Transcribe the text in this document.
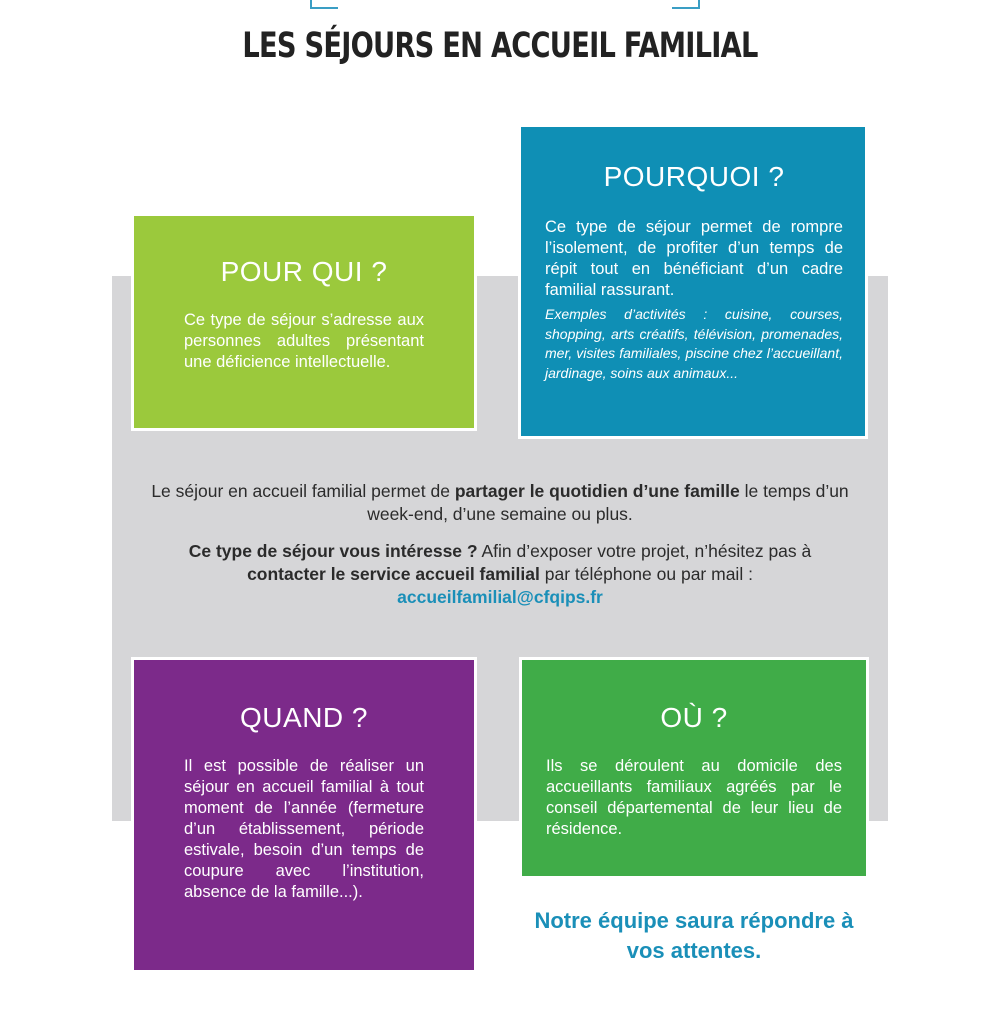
LES SÉJOURS EN ACCUEIL FAMILIAL
POUR QUI ?

Ce type de séjour s’adresse aux personnes adultes présentant une déficience intellectuelle.

POURQUOI ?

Ce type de séjour permet de rompre l’isolement, de profiter d’un temps de répit tout en bénéficiant d’un cadre familial rassurant.

Exemples d’activités : cuisine, courses, shopping, arts créatifs, télévision, promenades, mer, visites familiales, piscine chez l’accueillant, jardinage, soins aux animaux...

Le séjour en accueil familial permet de partager le quotidien d’une famille le temps d’un week-end, d’une semaine ou plus.
Ce type de séjour vous intéresse ? Afin d’exposer votre projet, n’hésitez pas à contacter le service accueil familial par téléphone ou par mail : accueilfamilial@cfqips.fr
QUAND ?

Il est possible de réaliser un séjour en accueil familial à tout moment de l’année (fermeture d’un établissement, période estivale, besoin d’un temps de coupure avec l’institution, absence de la famille...).

OÙ ?

Ils se déroulent au domicile des accueillants familiaux agréés par le conseil départemental de leur lieu de résidence.

Notre équipe saura répondre à vos attentes.
